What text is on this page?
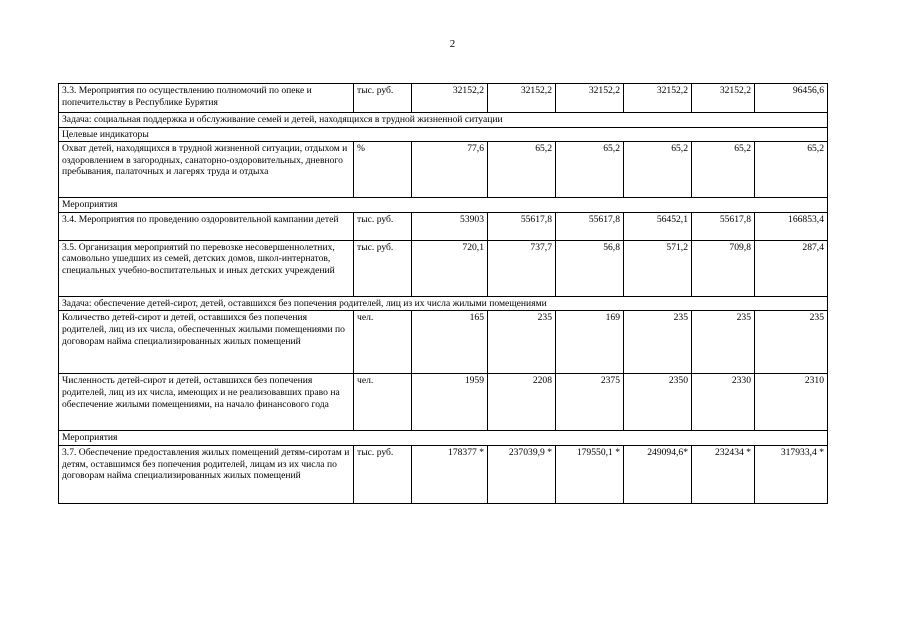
2
3.3. Мероприятия по осуществлению полномочий по опеке и попечительству в Республике Бурятия	тыс. руб.	32152,2	32152,2	32152,2	32152,2	32152,2	96456,6
Задача: социальная поддержка и обслуживание семей и детей, находящихся в трудной жизненной ситуации							
Целевые индикаторы							
Охват детей, находящихся в трудной жизненной ситуации, отдыхом и оздоровлением в загородных, санаторно-оздоровительных, дневного пребывания, палаточных и лагерях труда и отдыха	%	77,6	65,2	65,2	65,2	65,2	65,2
Мероприятия							
3.4. Мероприятия по проведению оздоровительной кампании детей	тыс. руб.	53903	55617,8	55617,8	56452,1	55617,8	166853,4
3.5. Организация мероприятий по перевозке несовершеннолетних, самовольно ушедших из семей, детских домов, школ-интернатов, специальных учебно-воспитательных и иных детских учреждений	тыс. руб.	720,1	737,7	56,8	571,2	709,8	287,4
Задача: обеспечение детей-сирот, детей, оставшихся без попечения родителей, лиц из их числа жилыми помещениями							
Количество детей-сирот и детей, оставшихся без попечения родителей, лиц из их числа, обеспеченных жилыми помещениями по договорам найма специализированных жилых помещений	чел.	165	235	169	235	235	235
Численность детей-сирот и детей, оставшихся без попечения родителей, лиц из их числа, имеющих и не реализовавших право на обеспечение жилыми помещениями, на начало финансового года	чел.	1959	2208	2375	2350	2330	2310
Мероприятия							
3.7. Обеспечение предоставления жилых помещений детям-сиротам и детям, оставшимся без попечения родителей, лицам из их числа по договорам найма специализированных жилых помещений	тыс. руб.	178377 *	237039,9 *	179550,1 *	249094,6*	232434 *	317933,4 *
